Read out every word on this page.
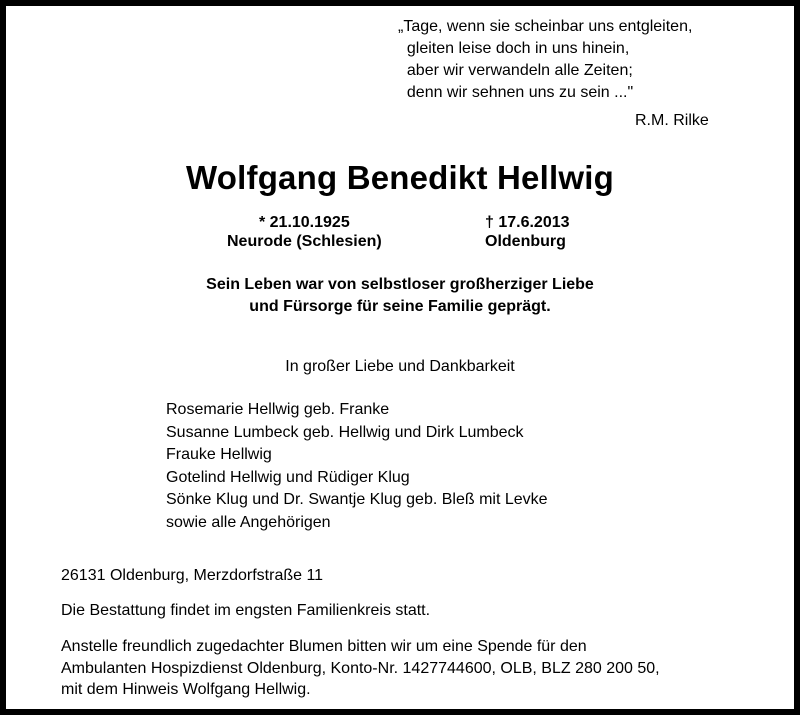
„Tage, wenn sie scheinbar uns entgleiten,
gleiten leise doch in uns hinein,
aber wir verwandeln alle Zeiten;
denn wir sehnen uns zu sein ..."
R.M. Rilke
Wolfgang Benedikt Hellwig
* 21.10.1925
Neurode (Schlesien)
† 17.6.2013
Oldenburg
Sein Leben war von selbstloser großherziger Liebe
und Fürsorge für seine Familie geprägt.
In großer Liebe und Dankbarkeit
Rosemarie Hellwig geb. Franke
Susanne Lumbeck geb. Hellwig und Dirk Lumbeck
Frauke Hellwig
Gotelind Hellwig und Rüdiger Klug
Sönke Klug und Dr. Swantje Klug geb. Bleß mit Levke
sowie alle Angehörigen
26131 Oldenburg, Merzdorfstraße 11
Die Bestattung findet im engsten Familienkreis statt.
Anstelle freundlich zugedachter Blumen bitten wir um eine Spende für den
Ambulanten Hospizdienst Oldenburg, Konto-Nr. 1427744600, OLB, BLZ 280 200 50,
mit dem Hinweis Wolfgang Hellwig.
